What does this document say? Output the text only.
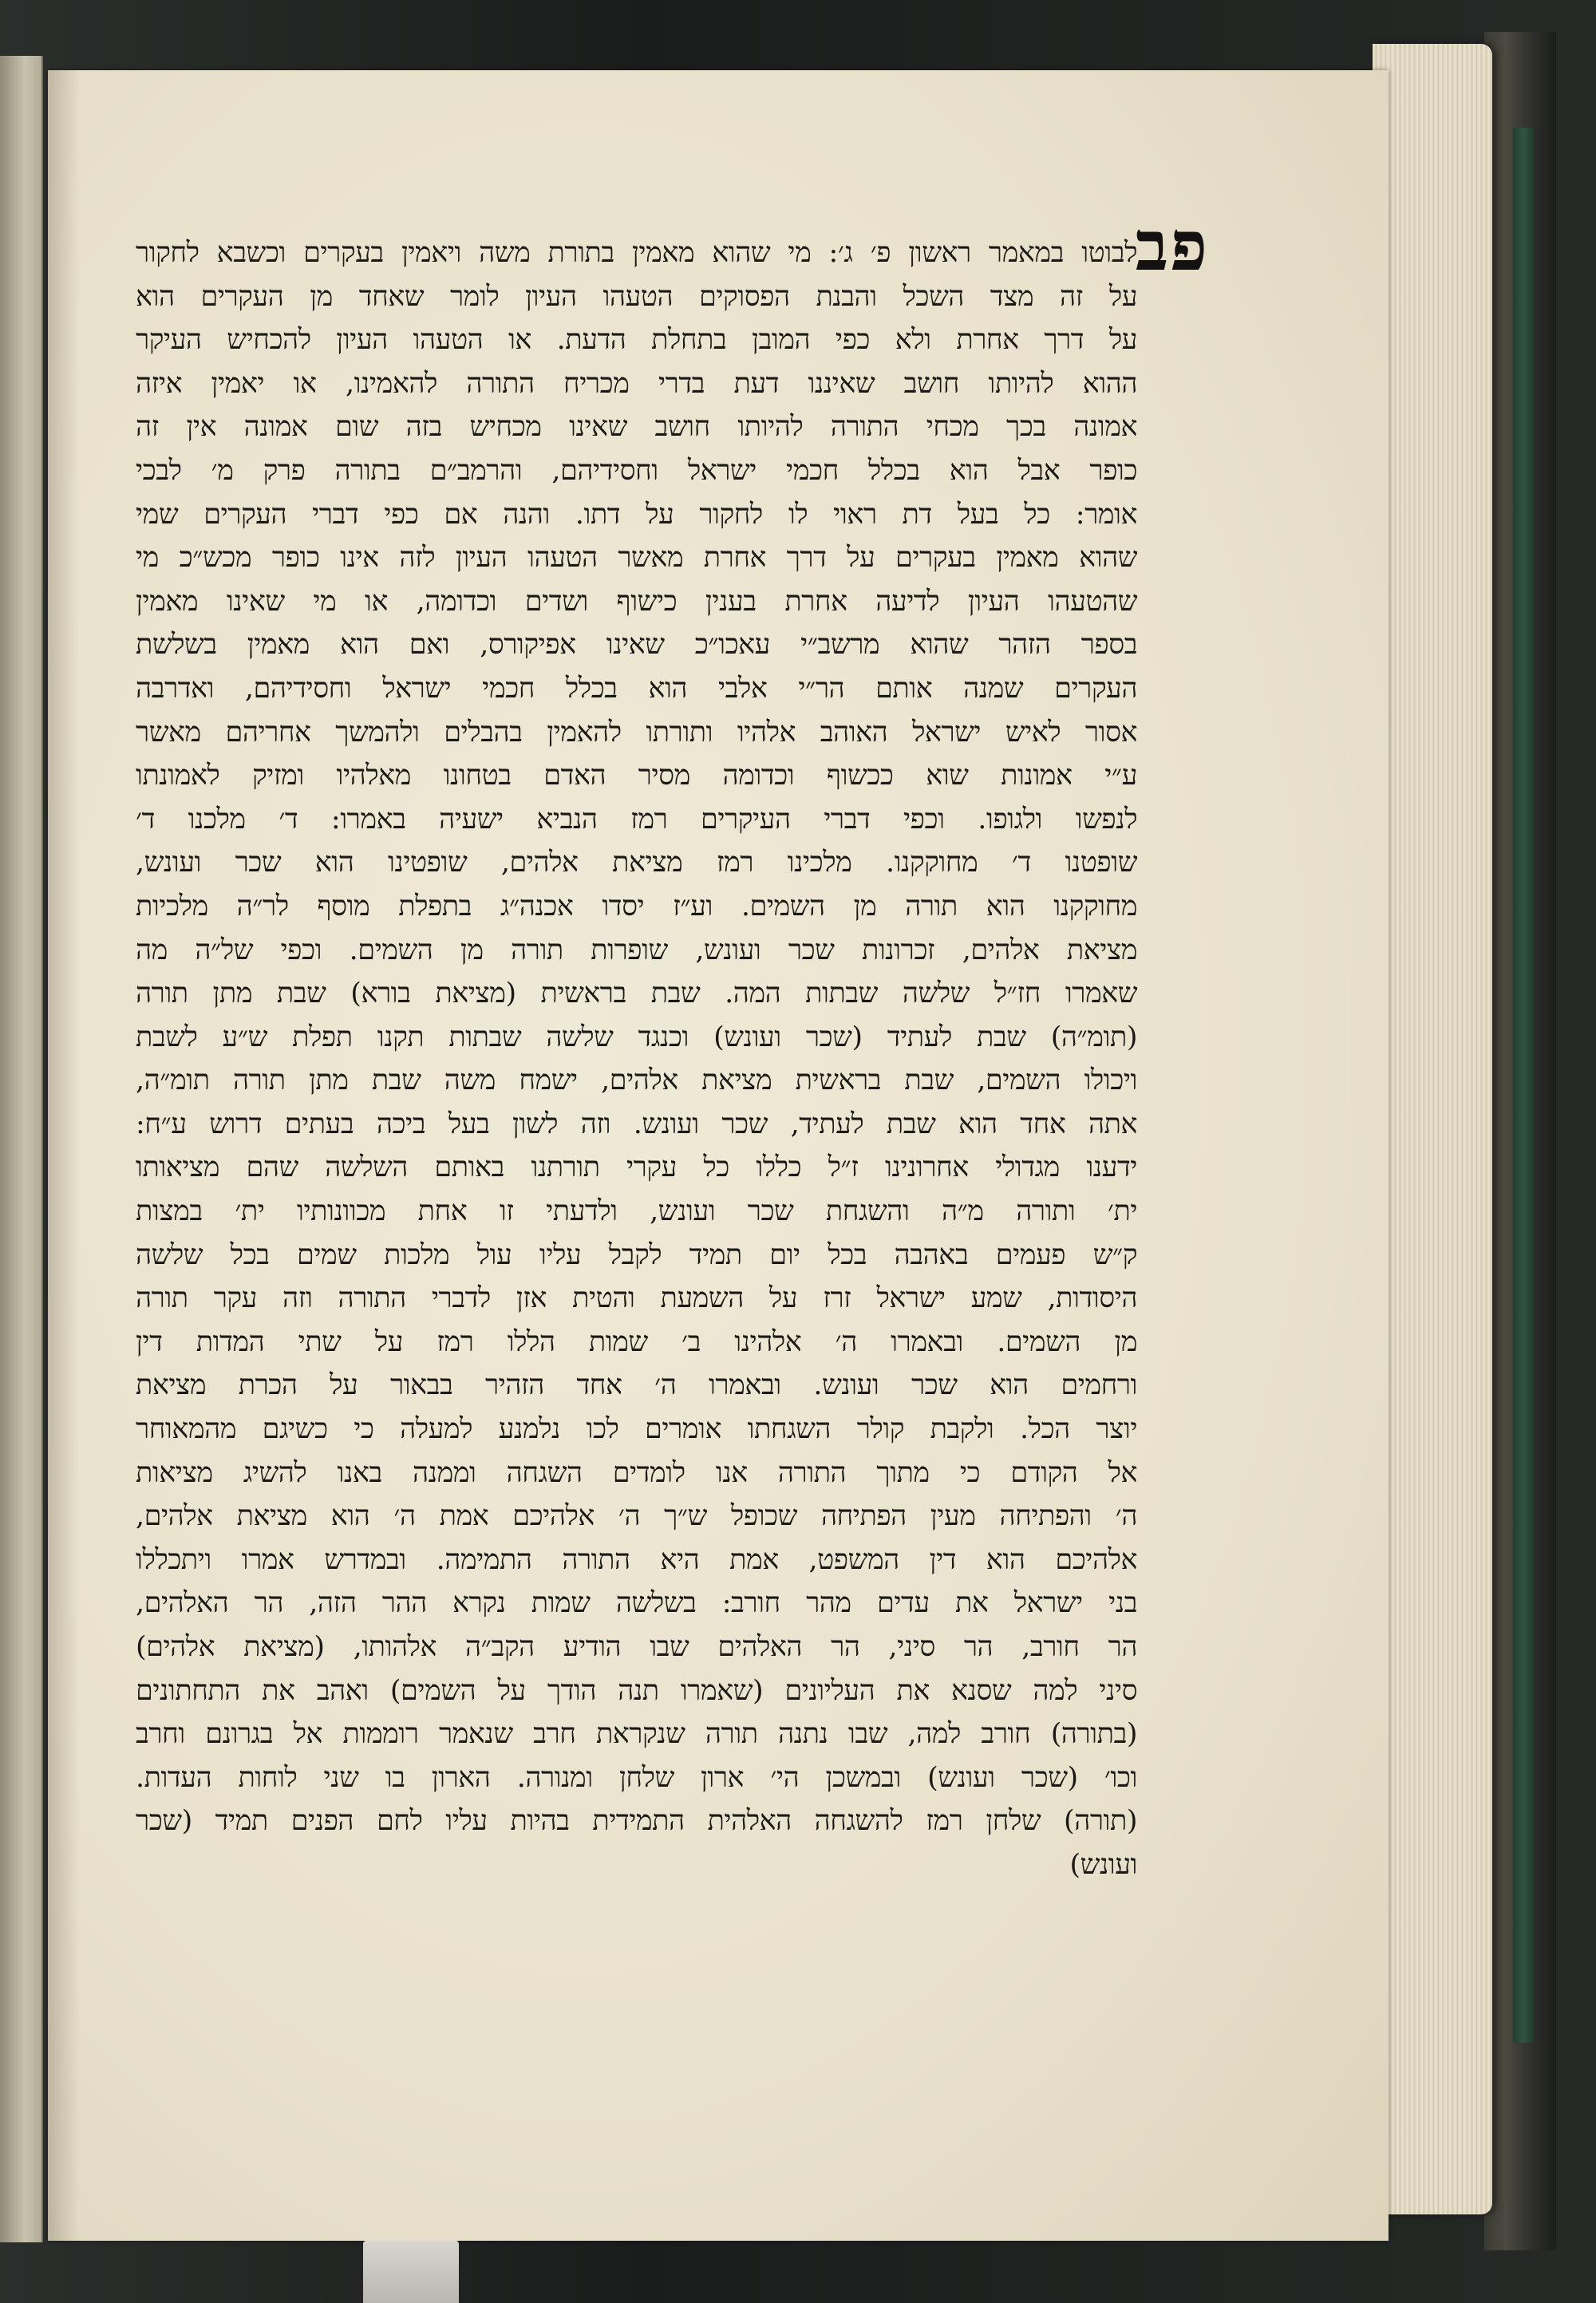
פב
לבוטו במאמר ראשון פ׳ ג׳: מי שהוא מאמין בתורת משה ויאמין בעקרים וכשבא לחקור
על זה מצד השכל והבנת הפסוקים הטעהו העיון לומר שאחד מן העקרים הוא
על דרך אחרת ולא כפי המובן בתחלת הדעת. או הטעהו העיון להכחיש העיקר
ההוא להיותו חושב שאיננו דעת בדרי מכריח התורה להאמינו, או יאמין איזה
אמונה בכך מכחי התורה להיותו חושב שאינו מכחיש בזה שום אמונה אין זה
כופר אבל הוא בכלל חכמי ישראל וחסידיהם, והרמב״ם בתורה פרק מ׳ לבכי
אומר: כל בעל דת ראוי לו לחקור על דתו. והנה אם כפי דברי העקרים שמי
שהוא מאמין בעקרים על דרך אחרת מאשר הטעהו העיון לזה אינו כופר מכש״כ מי
שהטעהו העיון לדיעה אחרת בענין כישוף ושדים וכדומה, או מי שאינו מאמין
בספר הזהר שהוא מרשב״י עאכו״כ שאינו אפיקורס, ואם הוא מאמין בשלשת
העקרים שמנה אותם הר״י אלבי הוא בכלל חכמי ישראל וחסידיהם, ואדרבה
אסור לאיש ישראל האוהב אלהיו ותורתו להאמין בהבלים ולהמשך אחריהם מאשר
ע״י אמונות שוא ככשוף וכדומה מסיר האדם בטחונו מאלהיו ומזיק לאמונתו
לנפשו ולגופו. וכפי דברי העיקרים רמז הנביא ישעיה באמרו: ד׳ מלכנו ד׳
שופטנו ד׳ מחוקקנו. מלכינו רמז מציאת אלהים, שופטינו הוא שכר ועונש,
מחוקקנו הוא תורה מן השמים. וע״ז יסדו אכנה״ג בתפלת מוסף לר״ה מלכיות
מציאת אלהים, זכרונות שכר ועונש, שופרות תורה מן השמים. וכפי של״ה מה
שאמרו חז״ל שלשה שבתות המה. שבת בראשית (מציאת בורא) שבת מתן תורה
(תומ״ה) שבת לעתיד (שכר ועונש) וכנגד שלשה שבתות תקנו תפלת ש״ע לשבת
ויכולו השמים, שבת בראשית מציאת אלהים, ישמח משה שבת מתן תורה תומ״ה,
אתה אחד הוא שבת לעתיד, שכר ועונש. וזה לשון בעל ביכה בעתים דרוש ע״ח:
ידענו מגדולי אחרונינו ז״ל כללו כל עקרי תורתנו באותם השלשה שהם מציאותו
ית׳ ותורה מ״ה והשגחת שכר ועונש, ולדעתי זו אחת מכוונותיו ית׳ במצות
ק״ש פעמים באהבה בכל יום תמיד לקבל עליו עול מלכות שמים בכל שלשה
היסודות, שמע ישראל זרז על השמעת והטית אזן לדברי התורה וזה עקר תורה
מן השמים. ובאמרו ה׳ אלהינו ב׳ שמות הללו רמז על שתי המדות דין
ורחמים הוא שכר ועונש. ובאמרו ה׳ אחד הזהיר בבאור על הכרת מציאת
יוצר הכל. ולקבת קולר השגחתו אומרים לכו נלמנע למעלה כי כשיגם מהמאוחר
אל הקודם כי מתוך התורה אנו לומדים השגחה וממנה באנו להשיג מציאות
ה׳ והפתיחה מעין הפתיחה שכופל ש״ך ה׳ אלהיכם אמת ה׳ הוא מציאת אלהים,
אלהיכם הוא דין המשפט, אמת היא התורה התמימה. ובמדרש אמרו ויתכללו
בני ישראל את עדים מהר חורב: בשלשה שמות נקרא ההר הזה, הר האלהים,
הר חורב, הר סיני, הר האלהים שבו הודיע הקב״ה אלהותו, (מציאת אלהים)
סיני למה שסנא את העליונים (שאמרו תנה הודך על השמים) ואהב את התחתונים
(בתורה) חורב למה, שבו נתנה תורה שנקראת חרב שנאמר רוממות אל בגרונם וחרב
וכו׳ (שכר ועונש) ובמשכן הי׳ ארון שלחן ומנורה. הארון בו שני לוחות העדות.
(תורה) שלחן רמז להשגחה האלהית התמידית בהיות עליו לחם הפנים תמיד (שכר
ועונש)
